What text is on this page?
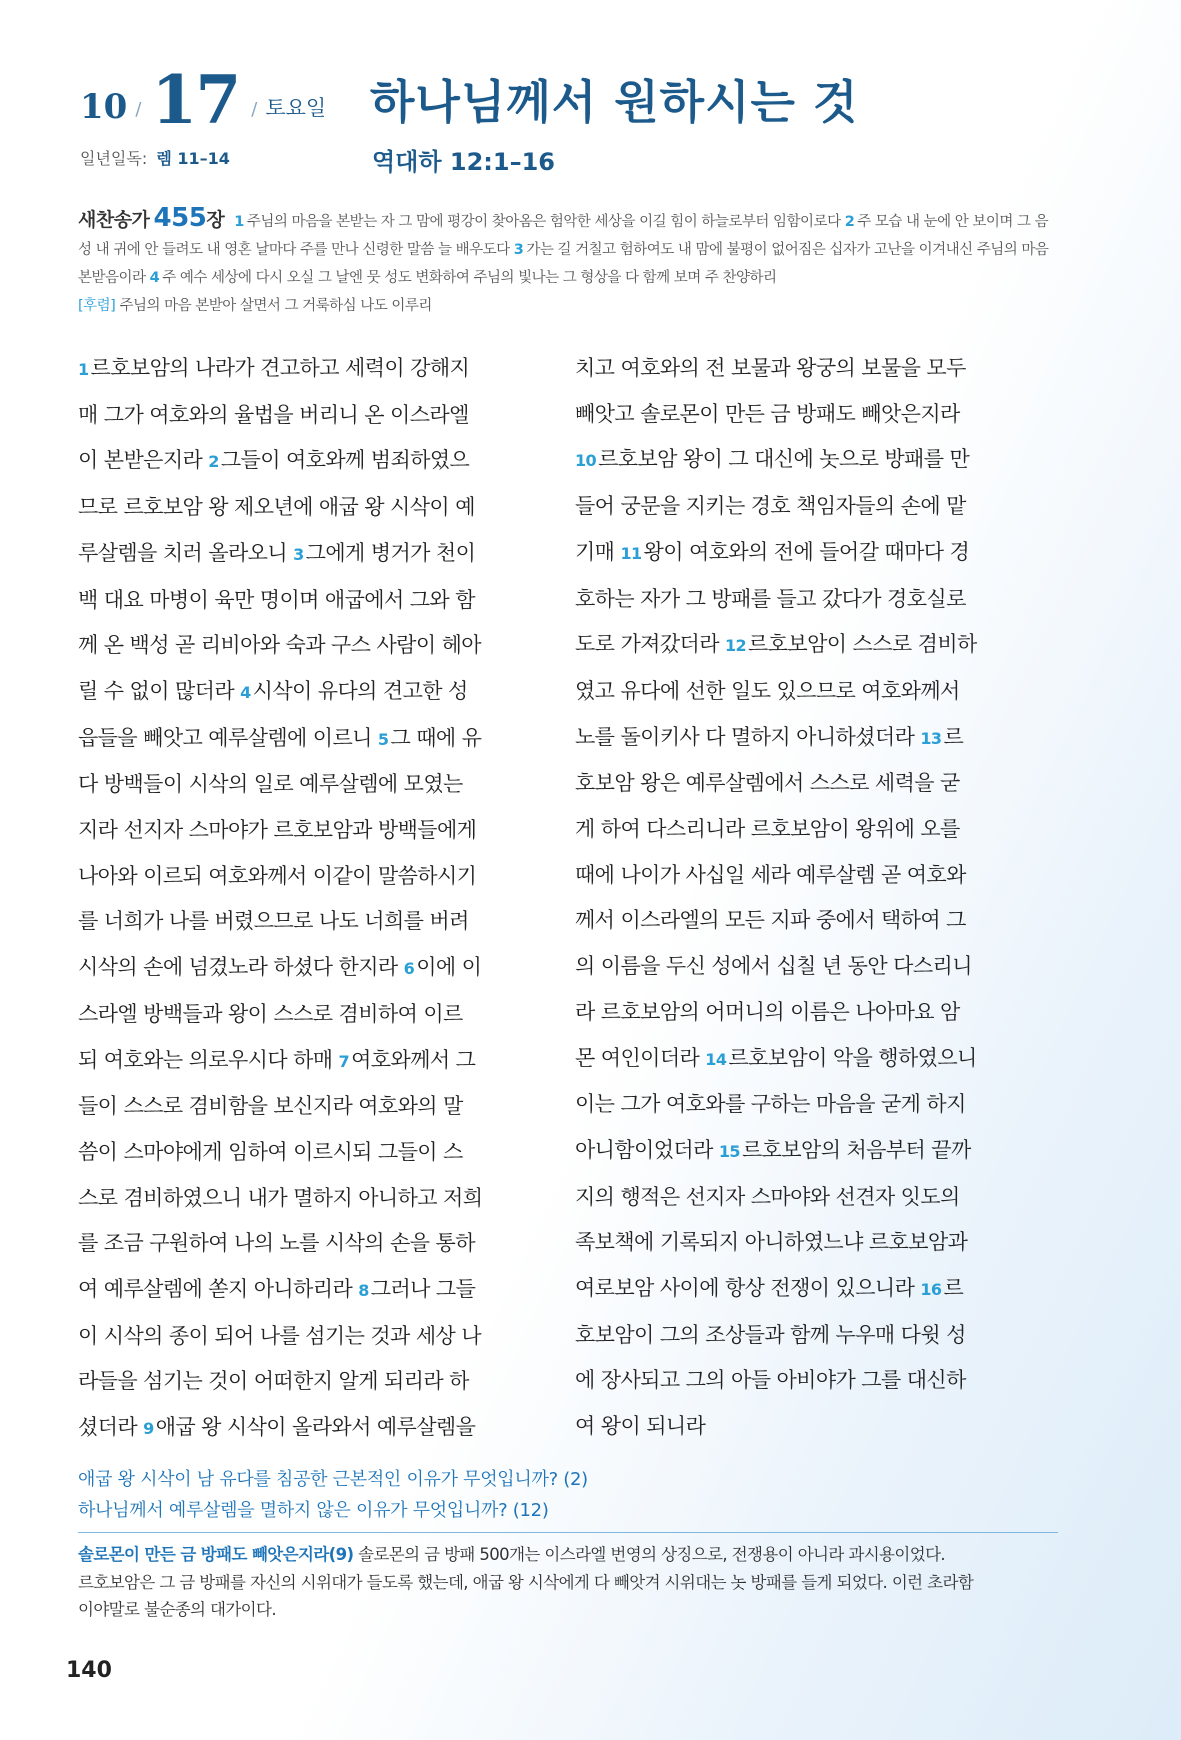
10 / 17 / 토요일
일년일독: 렘 11–14
하나님께서 원하시는 것
역대하 12:1–16
새찬송가 455장 1 주님의 마음을 본받는 자 그 맘에 평강이 찾아옴은 험악한 세상을 이길 힘이 하늘로부터 임함이로다 2 주 모습 내 눈에 안 보이며 그 음성 내 귀에 안 들려도 내 영혼 날마다 주를 만나 신령한 말씀 늘 배우도다 3 가는 길 거칠고 험하여도 내 맘에 불평이 없어짐은 십자가 고난을 이겨내신 주님의 마음 본받음이라 4 주 예수 세상에 다시 오실 그 날엔 뭇 성도 변화하여 주님의 빛나는 그 형상을 다 함께 보며 주 찬양하리
[후렴] 주님의 마음 본받아 살면서 그 거룩하심 나도 이루리
1르호보암의 나라가 견고하고 세력이 강해지
매 그가 여호와의 율법을 버리니 온 이스라엘
이 본받은지라 2그들이 여호와께 범죄하였으
므로 르호보암 왕 제오년에 애굽 왕 시삭이 예
루살렘을 치러 올라오니 3그에게 병거가 천이
백 대요 마병이 육만 명이며 애굽에서 그와 함
께 온 백성 곧 리비아와 숙과 구스 사람이 헤아
릴 수 없이 많더라 4시삭이 유다의 견고한 성
읍들을 빼앗고 예루살렘에 이르니 5그 때에 유
다 방백들이 시삭의 일로 예루살렘에 모였는
지라 선지자 스마야가 르호보암과 방백들에게
나아와 이르되 여호와께서 이같이 말씀하시기
를 너희가 나를 버렸으므로 나도 너희를 버려
시삭의 손에 넘겼노라 하셨다 한지라 6이에 이
스라엘 방백들과 왕이 스스로 겸비하여 이르
되 여호와는 의로우시다 하매 7여호와께서 그
들이 스스로 겸비함을 보신지라 여호와의 말
씀이 스마야에게 임하여 이르시되 그들이 스
스로 겸비하였으니 내가 멸하지 아니하고 저희
를 조금 구원하여 나의 노를 시삭의 손을 통하
여 예루살렘에 쏟지 아니하리라 8그러나 그들
이 시삭의 종이 되어 나를 섬기는 것과 세상 나
라들을 섬기는 것이 어떠한지 알게 되리라 하
셨더라 9애굽 왕 시삭이 올라와서 예루살렘을
치고 여호와의 전 보물과 왕궁의 보물을 모두
빼앗고 솔로몬이 만든 금 방패도 빼앗은지라
10르호보암 왕이 그 대신에 놋으로 방패를 만
들어 궁문을 지키는 경호 책임자들의 손에 맡
기매 11왕이 여호와의 전에 들어갈 때마다 경
호하는 자가 그 방패를 들고 갔다가 경호실로
도로 가져갔더라 12르호보암이 스스로 겸비하
였고 유다에 선한 일도 있으므로 여호와께서
노를 돌이키사 다 멸하지 아니하셨더라 13르
호보암 왕은 예루살렘에서 스스로 세력을 굳
게 하여 다스리니라 르호보암이 왕위에 오를
때에 나이가 사십일 세라 예루살렘 곧 여호와
께서 이스라엘의 모든 지파 중에서 택하여 그
의 이름을 두신 성에서 십칠 년 동안 다스리니
라 르호보암의 어머니의 이름은 나아마요 암
몬 여인이더라 14르호보암이 악을 행하였으니
이는 그가 여호와를 구하는 마음을 굳게 하지
아니함이었더라 15르호보암의 처음부터 끝까
지의 행적은 선지자 스마야와 선견자 잇도의
족보책에 기록되지 아니하였느냐 르호보암과
여로보암 사이에 항상 전쟁이 있으니라 16르
호보암이 그의 조상들과 함께 누우매 다윗 성
에 장사되고 그의 아들 아비야가 그를 대신하
여 왕이 되니라
애굽 왕 시삭이 남 유다를 침공한 근본적인 이유가 무엇입니까? (2)
하나님께서 예루살렘을 멸하지 않은 이유가 무엇입니까? (12)
솔로몬이 만든 금 방패도 빼앗은지라(9) 솔로몬의 금 방패 500개는 이스라엘 번영의 상징으로, 전쟁용이 아니라 과시용이었다.
르호보암은 그 금 방패를 자신의 시위대가 들도록 했는데, 애굽 왕 시삭에게 다 빼앗겨 시위대는 놋 방패를 들게 되었다. 이런 초라함
이야말로 불순종의 대가이다.
140
